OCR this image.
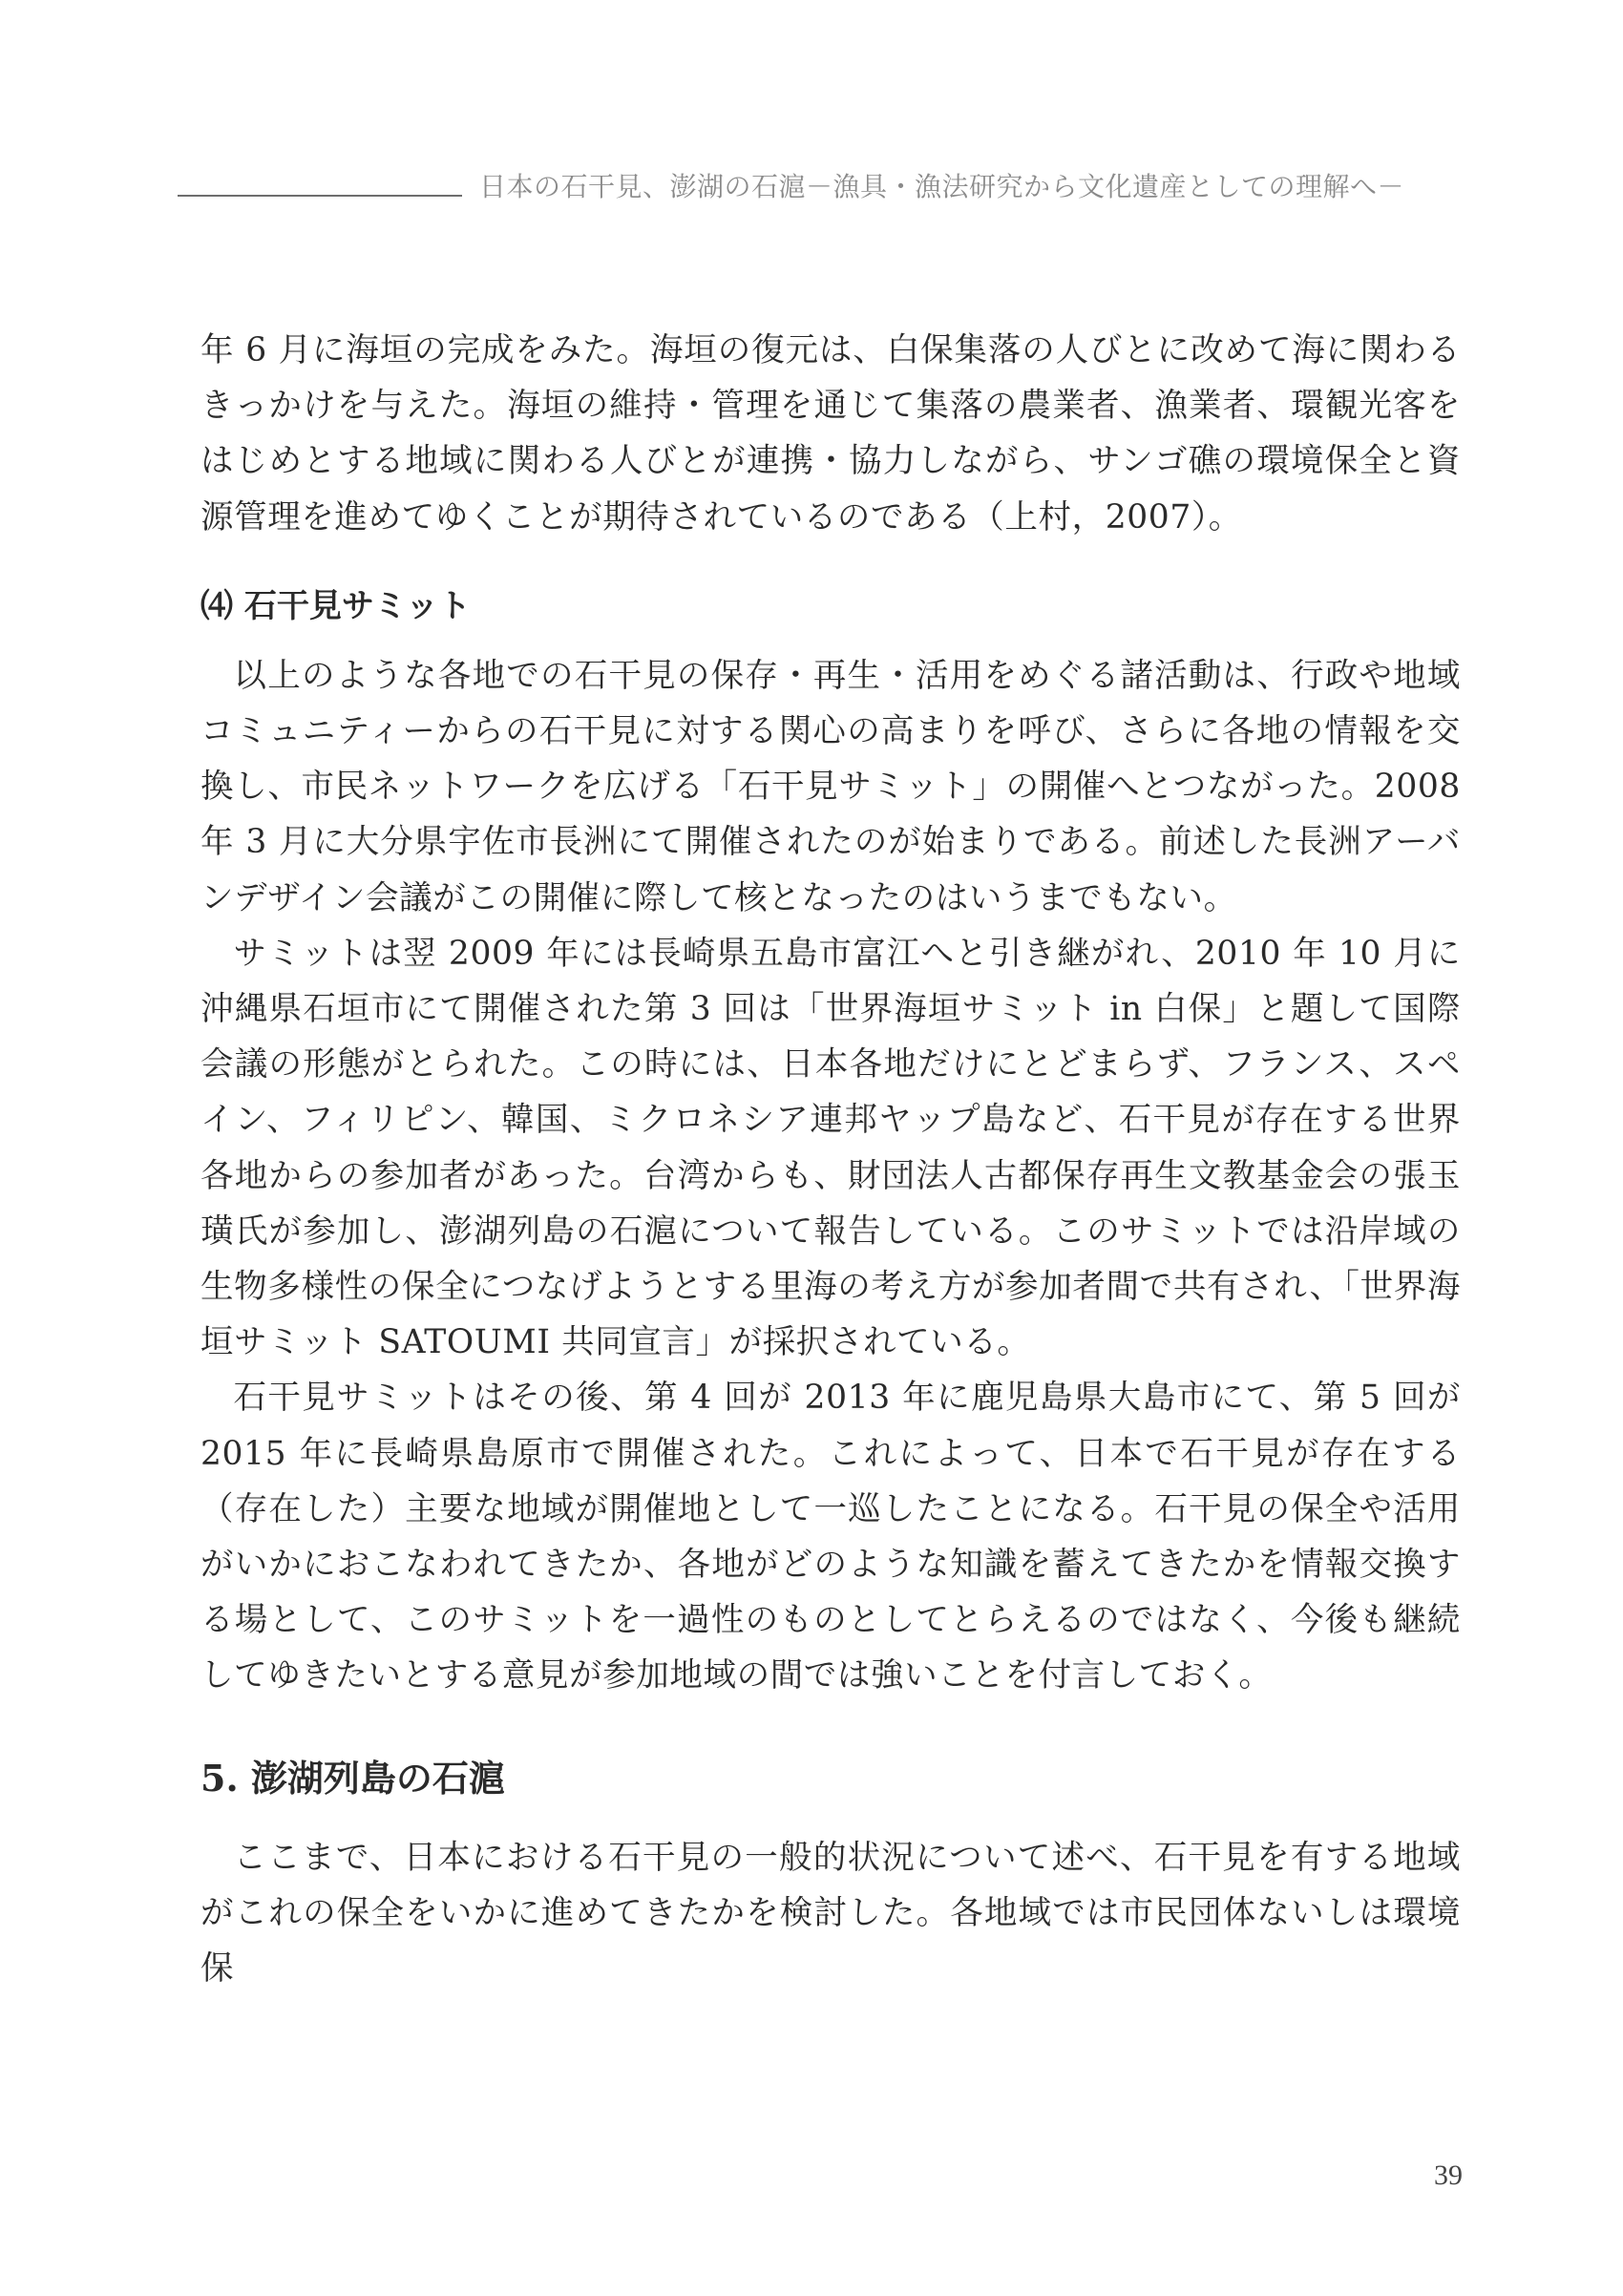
日本の石干見、澎湖の石滬－漁具・漁法研究から文化遺産としての理解へ－

年 6 月に海垣の完成をみた。海垣の復元は、白保集落の人びとに改めて海に関わるきっかけを与えた。海垣の維持・管理を通じて集落の農業者、漁業者、環観光客をはじめとする地域に関わる人びとが連携・協力しながら、サンゴ礁の環境保全と資源管理を進めてゆくことが期待されているのである（上村，2007）。

⑷ 石干見サミット

以上のような各地での石干見の保存・再生・活用をめぐる諸活動は、行政や地域コミュニティーからの石干見に対する関心の高まりを呼び、さらに各地の情報を交換し、市民ネットワークを広げる「石干見サミット」の開催へとつながった。2008 年 3 月に大分県宇佐市長洲にて開催されたのが始まりである。前述した長洲アーバンデザイン会議がこの開催に際して核となったのはいうまでもない。

サミットは翌 2009 年には長崎県五島市富江へと引き継がれ、2010 年 10 月に沖縄県石垣市にて開催された第 3 回は「世界海垣サミット in 白保」と題して国際会議の形態がとられた。この時には、日本各地だけにとどまらず、フランス、スペイン、フィリピン、韓国、ミクロネシア連邦ヤップ島など、石干見が存在する世界各地からの参加者があった。台湾からも、財団法人古都保存再生文教基金会の張玉璜氏が参加し、澎湖列島の石滬について報告している。このサミットでは沿岸域の生物多様性の保全につなげようとする里海の考え方が参加者間で共有され、「世界海垣サミット SATOUMI 共同宣言」が採択されている。

石干見サミットはその後、第 4 回が 2013 年に鹿児島県大島市にて、第 5 回が 2015 年に長崎県島原市で開催された。これによって、日本で石干見が存在する（存在した）主要な地域が開催地として一巡したことになる。石干見の保全や活用がいかにおこなわれてきたか、各地がどのような知識を蓄えてきたかを情報交換する場として、このサミットを一過性のものとしてとらえるのではなく、今後も継続してゆきたいとする意見が参加地域の間では強いことを付言しておく。

5. 澎湖列島の石滬

ここまで、日本における石干見の一般的状況について述べ、石干見を有する地域がこれの保全をいかに進めてきたかを検討した。各地域では市民団体ないしは環境保

39
